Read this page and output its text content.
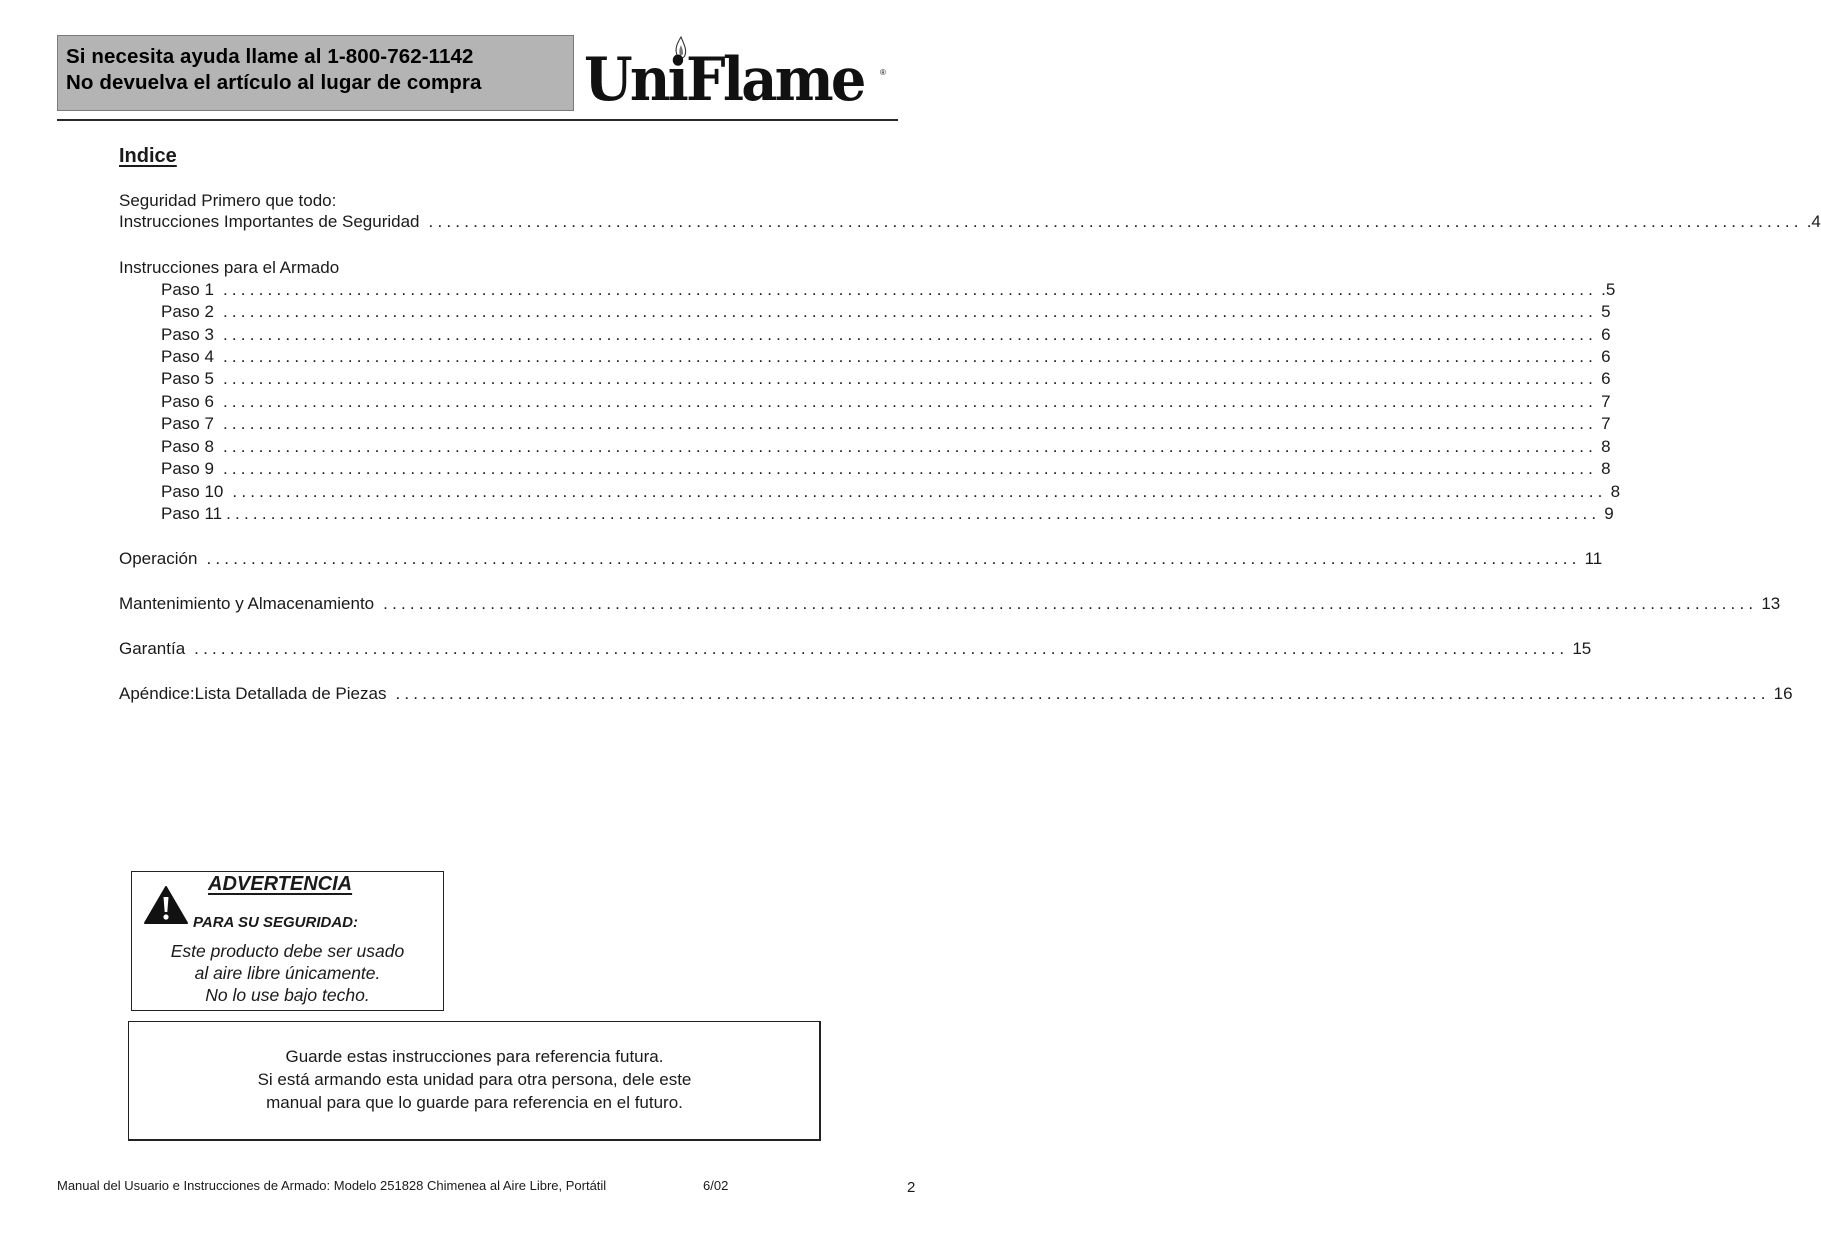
Si necesita ayuda llame al 1-800-762-1142
No devuelva el artículo al lugar de compra UniFlame ®
Indice
Seguridad Primero que todo:
Instrucciones Importantes de Seguridad .......................................................................................................................................................... .4
Instrucciones para el Armado
Paso 1 .......................................................................................................................................................... .5
Paso 2 .......................................................................................................................................................... 5
Paso 3 .......................................................................................................................................................... 6
Paso 4 .......................................................................................................................................................... 6
Paso 5 .......................................................................................................................................................... 6
Paso 6 .......................................................................................................................................................... 7
Paso 7 .......................................................................................................................................................... 7
Paso 8 .......................................................................................................................................................... 8
Paso 9 .......................................................................................................................................................... 8
Paso 10 .......................................................................................................................................................... 8
Paso 11 .......................................................................................................................................................... 9
Operación .......................................................................................................................................................... 11
Mantenimiento y Almacenamiento .......................................................................................................................................................... 13
Garantía .......................................................................................................................................................... 15
Apéndice:Lista Detallada de Piezas .......................................................................................................................................................... 16
ADVERTENCIA
PARA SU SEGURIDAD:
Este producto debe ser usado
al aire libre únicamente.
No lo use bajo techo.
Guarde estas instrucciones para referencia futura.
Si está armando esta unidad para otra persona, dele este
manual para que lo guarde para referencia en el futuro.
Manual del Usuario e Instrucciones de Armado: Modelo 251828 Chimenea al Aire Libre, Portátil	6/02	2
